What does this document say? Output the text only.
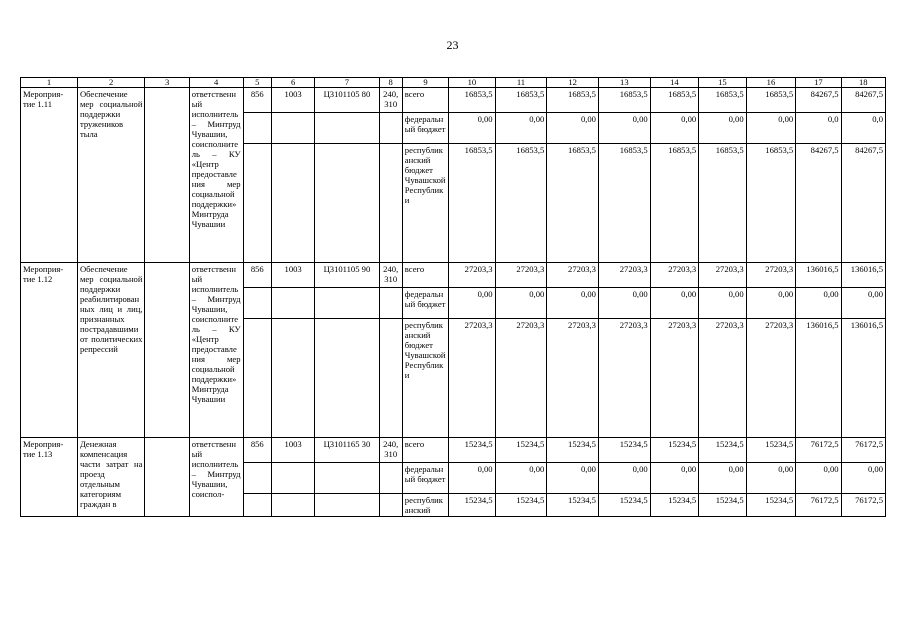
23
1	2	3	4	5	6	7	8	9	10	11	12	13	14	15	16	17	18
Мероприя-тие 1.11	Обеспечение мер социальной поддержки тружеников тыла		ответственный исполнитель – Минтруд Чувашии, соисполнитель – КУ «Центр предоставления мер социальной поддержки» Минтруда Чувашии	856	1003	Ц3101105 80	240, 310	всего	16853,5	16853,5	16853,5	16853,5	16853,5	16853,5	16853,5	84267,5	84267,5
								федеральный бюджет	0,00	0,00	0,00	0,00	0,00	0,00	0,00	0,0	0,0
								республиканский бюджет Чувашской Республики	16853,5	16853,5	16853,5	16853,5	16853,5	16853,5	16853,5	84267,5	84267,5
Мероприя-тие 1.12	Обеспечение мер социальной поддержки реабилитированных лиц и лиц, признанных пострадавшими от политических репрессий		ответственный исполнитель – Минтруд Чувашии, соисполнитель – КУ «Центр предоставления мер социальной поддержки» Минтруда Чувашии	856	1003	Ц3101105 90	240, 310	всего	27203,3	27203,3	27203,3	27203,3	27203,3	27203,3	27203,3	136016,5	136016,5
								федеральный бюджет	0,00	0,00	0,00	0,00	0,00	0,00	0,00	0,00	0,00
								республиканский бюджет Чувашской Республики	27203,3	27203,3	27203,3	27203,3	27203,3	27203,3	27203,3	136016,5	136016,5
Мероприя-тие 1.13	Денежная компенсация части затрат на проезд отдельным категориям граждан в		ответственный исполнитель – Минтруд Чувашии, соиспол-	856	1003	Ц3101165 30	240, 310	всего	15234,5	15234,5	15234,5	15234,5	15234,5	15234,5	15234,5	76172,5	76172,5
								федеральный бюджет	0,00	0,00	0,00	0,00	0,00	0,00	0,00	0,00	0,00
								республиканский	15234,5	15234,5	15234,5	15234,5	15234,5	15234,5	15234,5	76172,5	76172,5
